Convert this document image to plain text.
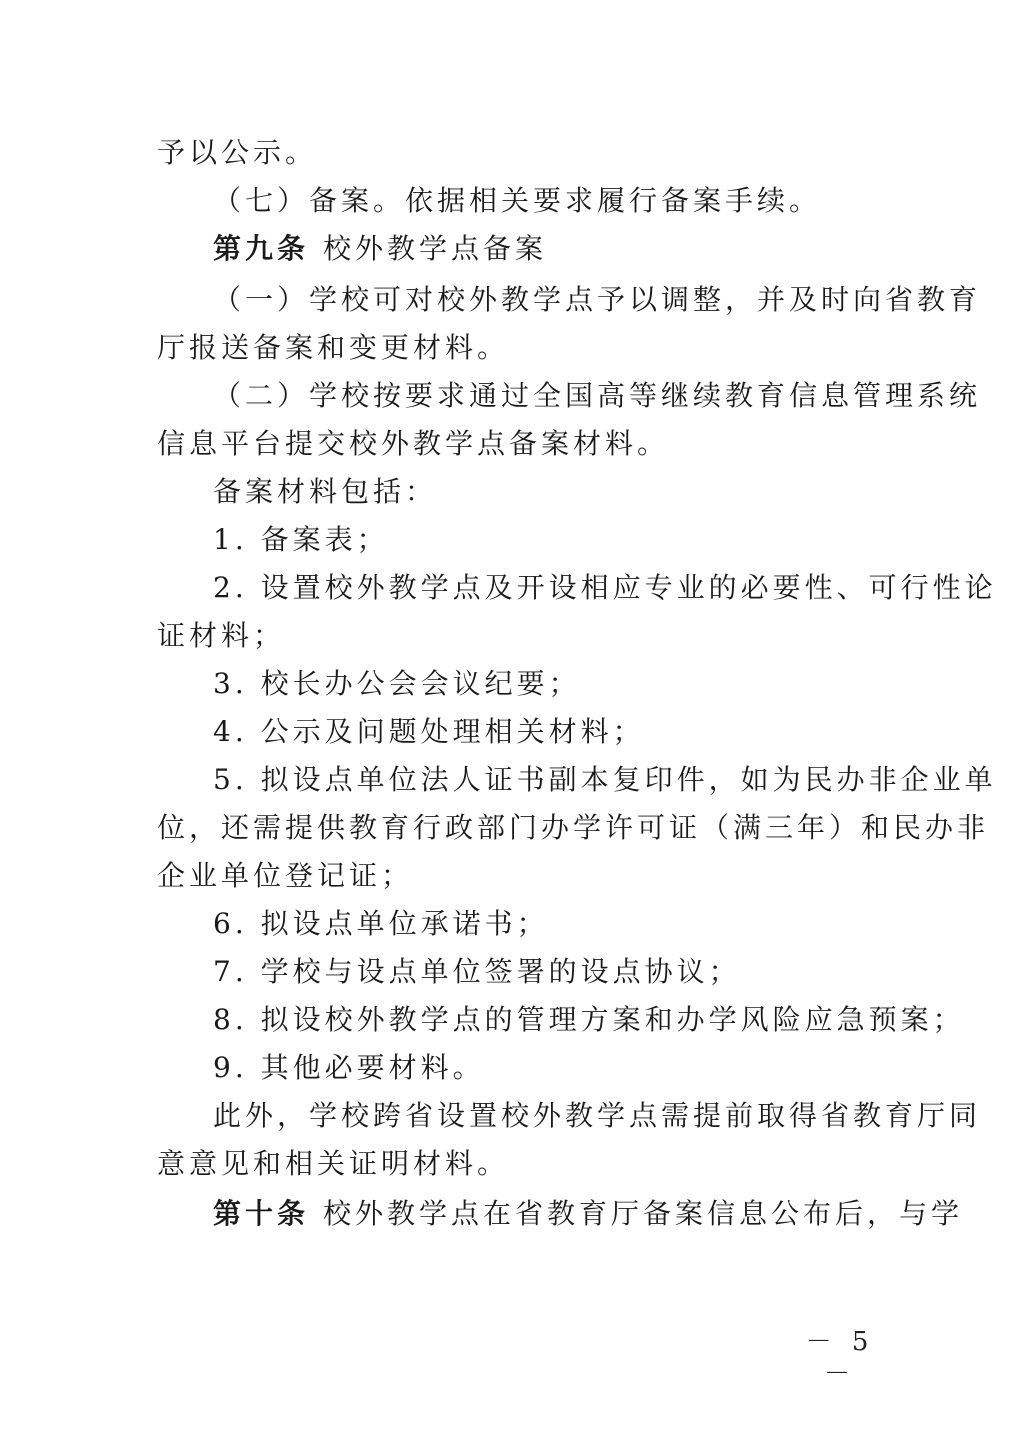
予以公示。
（七）备案。依据相关要求履行备案手续。
第九条 校外教学点备案
（一）学校可对校外教学点予以调整，并及时向省教育
厅报送备案和变更材料。
（二）学校按要求通过全国高等继续教育信息管理系统
信息平台提交校外教学点备案材料。
备案材料包括：
1. 备案表；
2. 设置校外教学点及开设相应专业的必要性、可行性论
证材料；
3. 校长办公会会议纪要；
4. 公示及问题处理相关材料；
5. 拟设点单位法人证书副本复印件，如为民办非企业单
位，还需提供教育行政部门办学许可证（满三年）和民办非
企业单位登记证；
6. 拟设点单位承诺书；
7. 学校与设点单位签署的设点协议；
8. 拟设校外教学点的管理方案和办学风险应急预案；
9. 其他必要材料。
此外，学校跨省设置校外教学点需提前取得省教育厅同
意意见和相关证明材料。
第十条 校外教学点在省教育厅备案信息公布后，与学
－ 5 －
